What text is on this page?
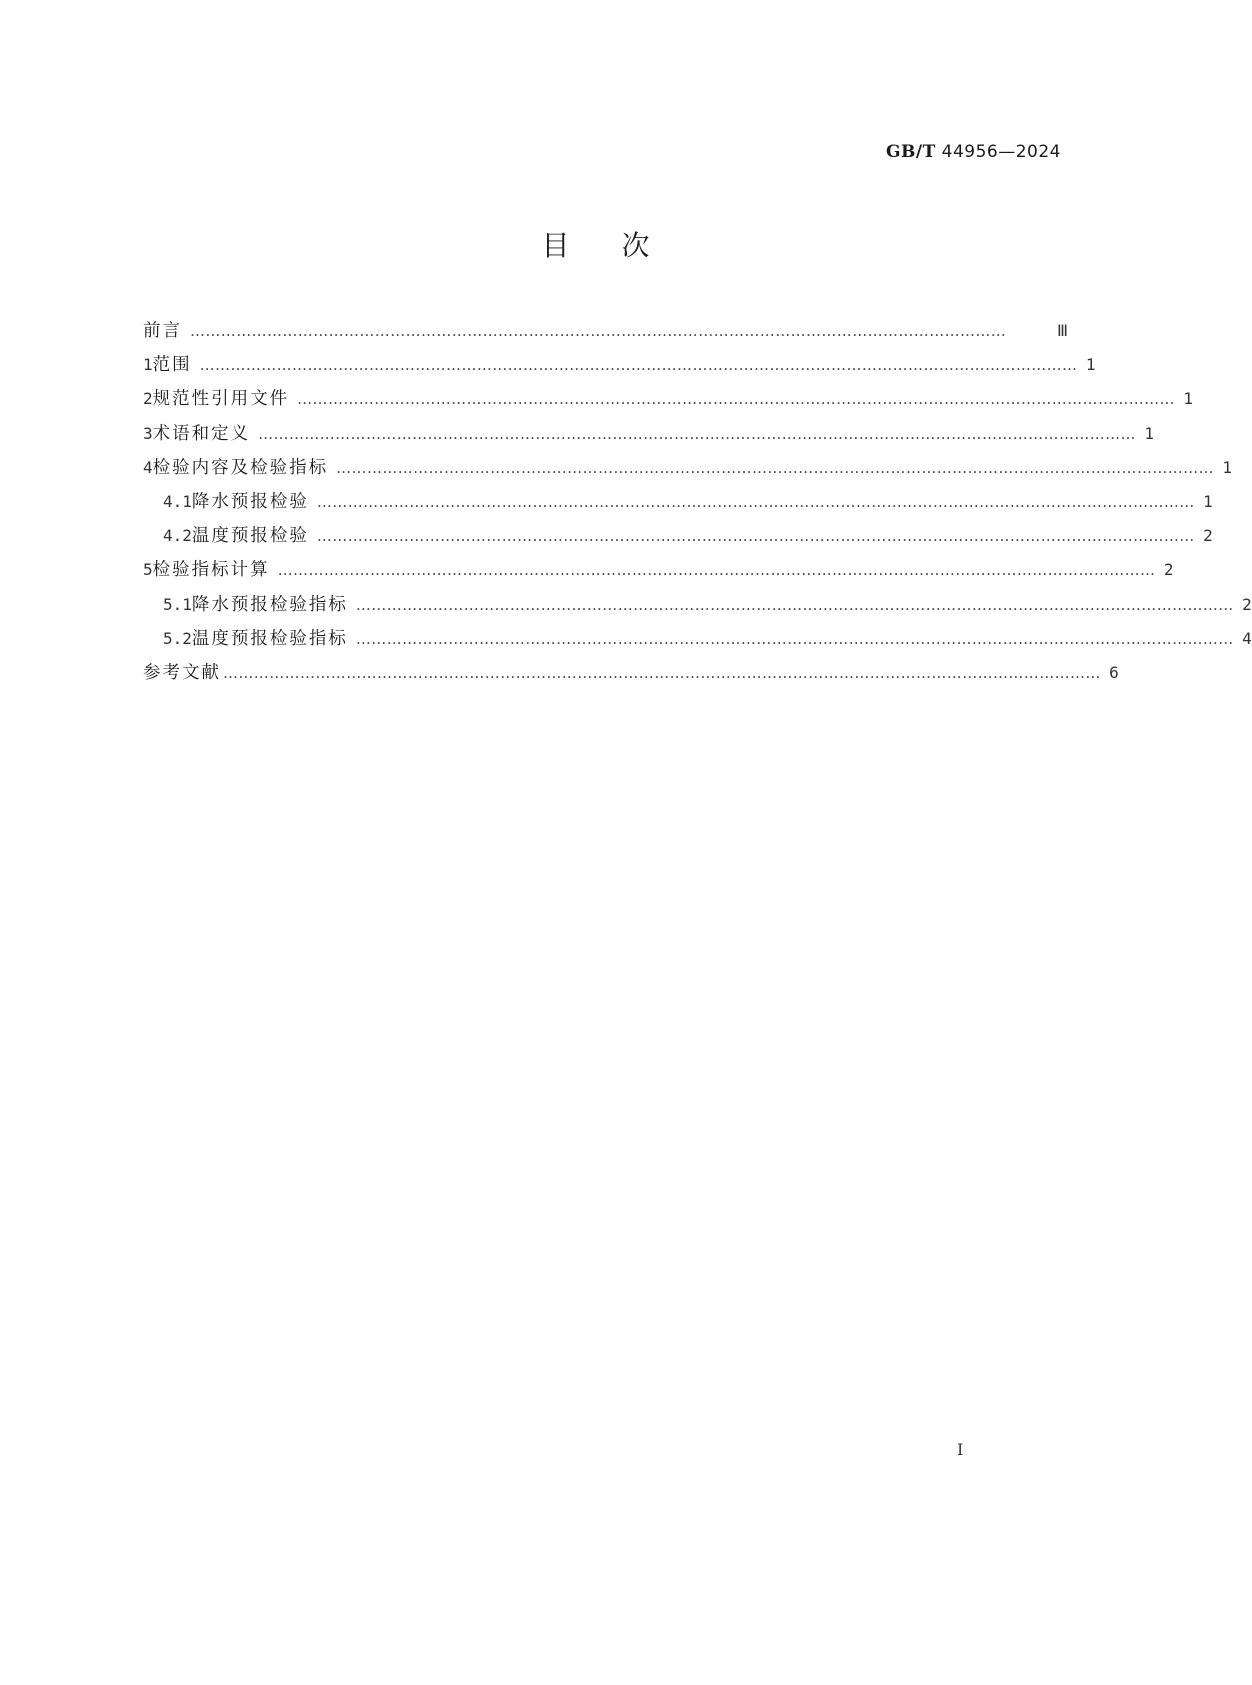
GB/T 44956—2024
目次
前言 ……………………………………………………………………………………………………………………………………………	Ⅲ
1 范围 ……………………………………………………………………………………………………………………………………………………… 1
2 规范性引用文件 ……………………………………………………………………………………………………………………………………………………… 1
3 术语和定义 ……………………………………………………………………………………………………………………………………………………… 1
4 检验内容及检验指标 ……………………………………………………………………………………………………………………………………………………… 1
4.1 降水预报检验 ……………………………………………………………………………………………………………………………………………………… 1
4.2 温度预报检验 ……………………………………………………………………………………………………………………………………………………… 2
5 检验指标计算 ……………………………………………………………………………………………………………………………………………………… 2
5.1 降水预报检验指标 ……………………………………………………………………………………………………………………………………………………… 2
5.2 温度预报检验指标 ……………………………………………………………………………………………………………………………………………………… 4
参考文献 ……………………………………………………………………………………………………………………………………………………… 6
I
